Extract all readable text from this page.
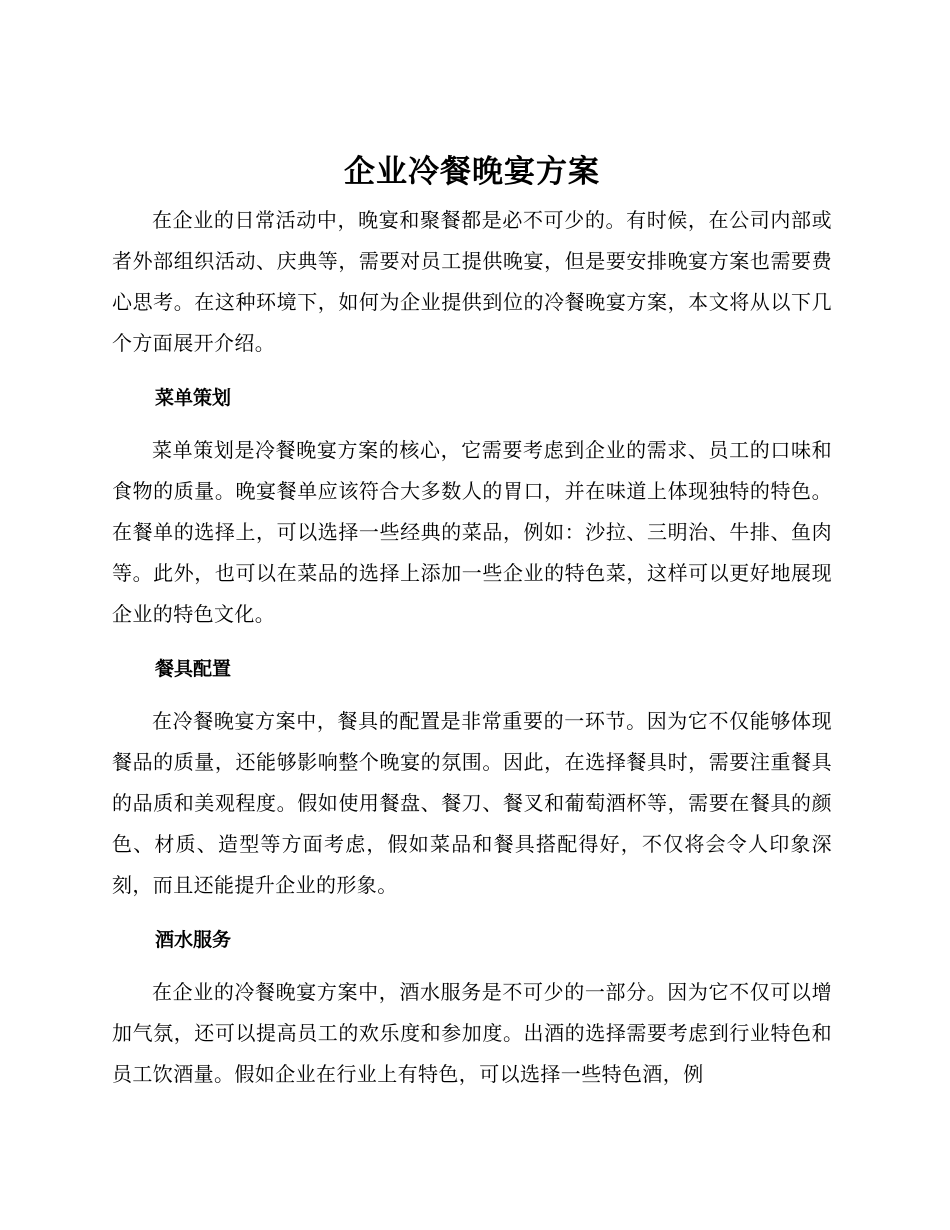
企业冷餐晚宴方案

在企业的日常活动中，晚宴和聚餐都是必不可少的。有时候，在公司内部或者外部组织活动、庆典等，需要对员工提供晚宴，但是要安排晚宴方案也需要费心思考。在这种环境下，如何为企业提供到位的冷餐晚宴方案，本文将从以下几个方面展开介绍。

菜单策划

菜单策划是冷餐晚宴方案的核心，它需要考虑到企业的需求、员工的口味和食物的质量。晚宴餐单应该符合大多数人的胃口，并在味道上体现独特的特色。在餐单的选择上，可以选择一些经典的菜品，例如：沙拉、三明治、牛排、鱼肉等。此外，也可以在菜品的选择上添加一些企业的特色菜，这样可以更好地展现企业的特色文化。

餐具配置

在冷餐晚宴方案中，餐具的配置是非常重要的一环节。因为它不仅能够体现餐品的质量，还能够影响整个晚宴的氛围。因此，在选择餐具时，需要注重餐具的品质和美观程度。假如使用餐盘、餐刀、餐叉和葡萄酒杯等，需要在餐具的颜色、材质、造型等方面考虑，假如菜品和餐具搭配得好，不仅将会令人印象深刻，而且还能提升企业的形象。

酒水服务

在企业的冷餐晚宴方案中，酒水服务是不可少的一部分。因为它不仅可以增加气氛，还可以提高员工的欢乐度和参加度。出酒的选择需要考虑到行业特色和员工饮酒量。假如企业在行业上有特色，可以选择一些特色酒，例
